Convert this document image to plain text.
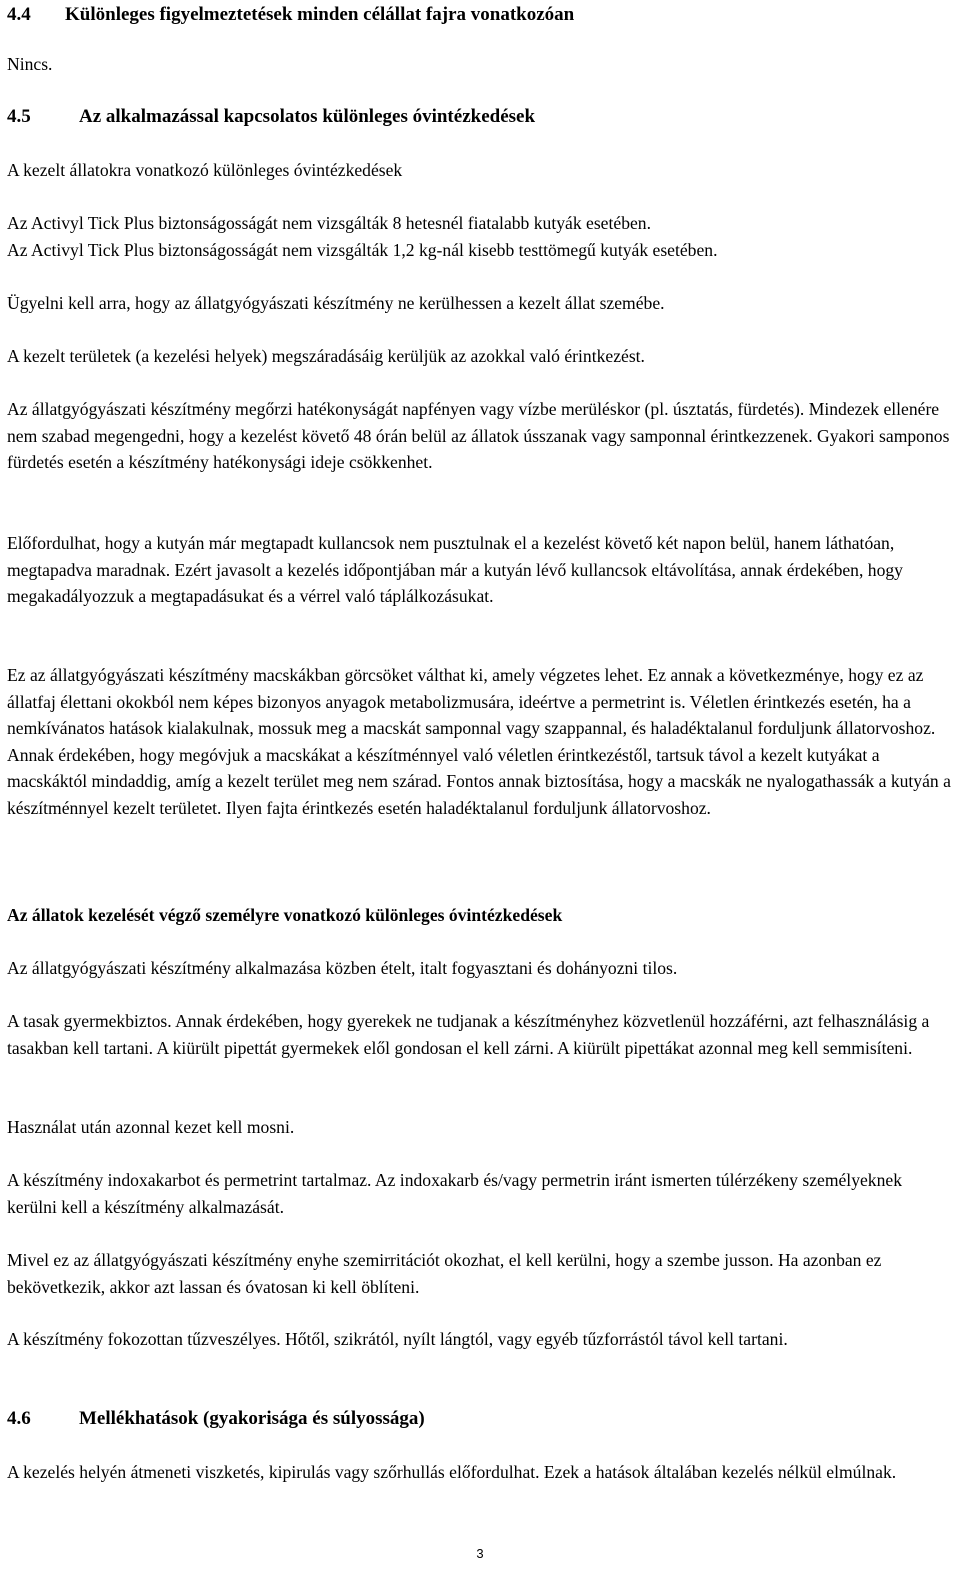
4.4	Különleges figyelmeztetések minden célállat fajra vonatkozóan

Nincs.

4.5	Az alkalmazással kapcsolatos különleges óvintézkedések

A kezelt állatokra vonatkozó különleges óvintézkedések

Az Activyl Tick Plus biztonságosságát nem vizsgálták 8 hetesnél fiatalabb kutyák esetében.

Az Activyl Tick Plus biztonságosságát nem vizsgálták 1,2 kg-nál kisebb testtömegű kutyák esetében.

Ügyelni kell arra, hogy az állatgyógyászati készítmény ne kerülhessen a kezelt állat szemébe.

A kezelt területek (a kezelési helyek) megszáradásáig kerüljük az azokkal való érintkezést.

Az állatgyógyászati készítmény megőrzi hatékonyságát napfényen vagy vízbe merüléskor (pl. úsztatás, fürdetés). Mindezek ellenére nem szabad megengedni, hogy a kezelést követő 48 órán belül az állatok ússzanak vagy samponnal érintkezzenek. Gyakori samponos fürdetés esetén a készítmény hatékonysági ideje csökkenhet.

Előfordulhat, hogy a kutyán már megtapadt kullancsok nem pusztulnak el a kezelést követő két napon belül, hanem láthatóan, megtapadva maradnak. Ezért javasolt a kezelés időpontjában már a kutyán lévő kullancsok eltávolítása, annak érdekében, hogy megakadályozzuk a megtapadásukat és a vérrel való táplálkozásukat.

Ez az állatgyógyászati készítmény macskákban görcsöket válthat ki, amely végzetes lehet. Ez annak a következménye, hogy ez az állatfaj élettani okokból nem képes bizonyos anyagok metabolizmusára, ideértve a permetrint is. Véletlen érintkezés esetén, ha a nemkívánatos hatások kialakulnak, mossuk meg a macskát samponnal vagy szappannal, és haladéktalanul forduljunk állatorvoshoz. Annak érdekében, hogy megóvjuk a macskákat a készítménnyel való véletlen érintkezéstől, tartsuk távol a kezelt kutyákat a macskáktól mindaddig, amíg a kezelt terület meg nem szárad. Fontos annak biztosítása, hogy a macskák ne nyalogathassák a kutyán a készítménnyel kezelt területet. Ilyen fajta érintkezés esetén haladéktalanul forduljunk állatorvoshoz.

Az állatok kezelését végző személyre vonatkozó különleges óvintézkedések

Az állatgyógyászati készítmény alkalmazása közben ételt, italt fogyasztani és dohányozni tilos.

A tasak gyermekbiztos. Annak érdekében, hogy gyerekek ne tudjanak a készítményhez közvetlenül hozzáférni, azt felhasználásig a tasakban kell tartani. A kiürült pipettát gyermekek elől gondosan el kell zárni. A kiürült pipettákat azonnal meg kell semmisíteni.

Használat után azonnal kezet kell mosni.

A készítmény indoxakarbot és permetrint tartalmaz. Az indoxakarb és/vagy permetrin iránt ismerten túlérzékeny személyeknek kerülni kell a készítmény alkalmazását.

Mivel ez az állatgyógyászati készítmény enyhe szemirritációt okozhat, el kell kerülni, hogy a szembe jusson. Ha azonban ez bekövetkezik, akkor azt lassan és óvatosan ki kell öblíteni.

A készítmény fokozottan tűzveszélyes. Hőtől, szikrától, nyílt lángtól, vagy egyéb tűzforrástól távol kell tartani.

4.6	Mellékhatások (gyakorisága és súlyossága)

A kezelés helyén átmeneti viszketés, kipirulás vagy szőrhullás előfordulhat. Ezek a hatások általában kezelés nélkül elmúlnak.

3
